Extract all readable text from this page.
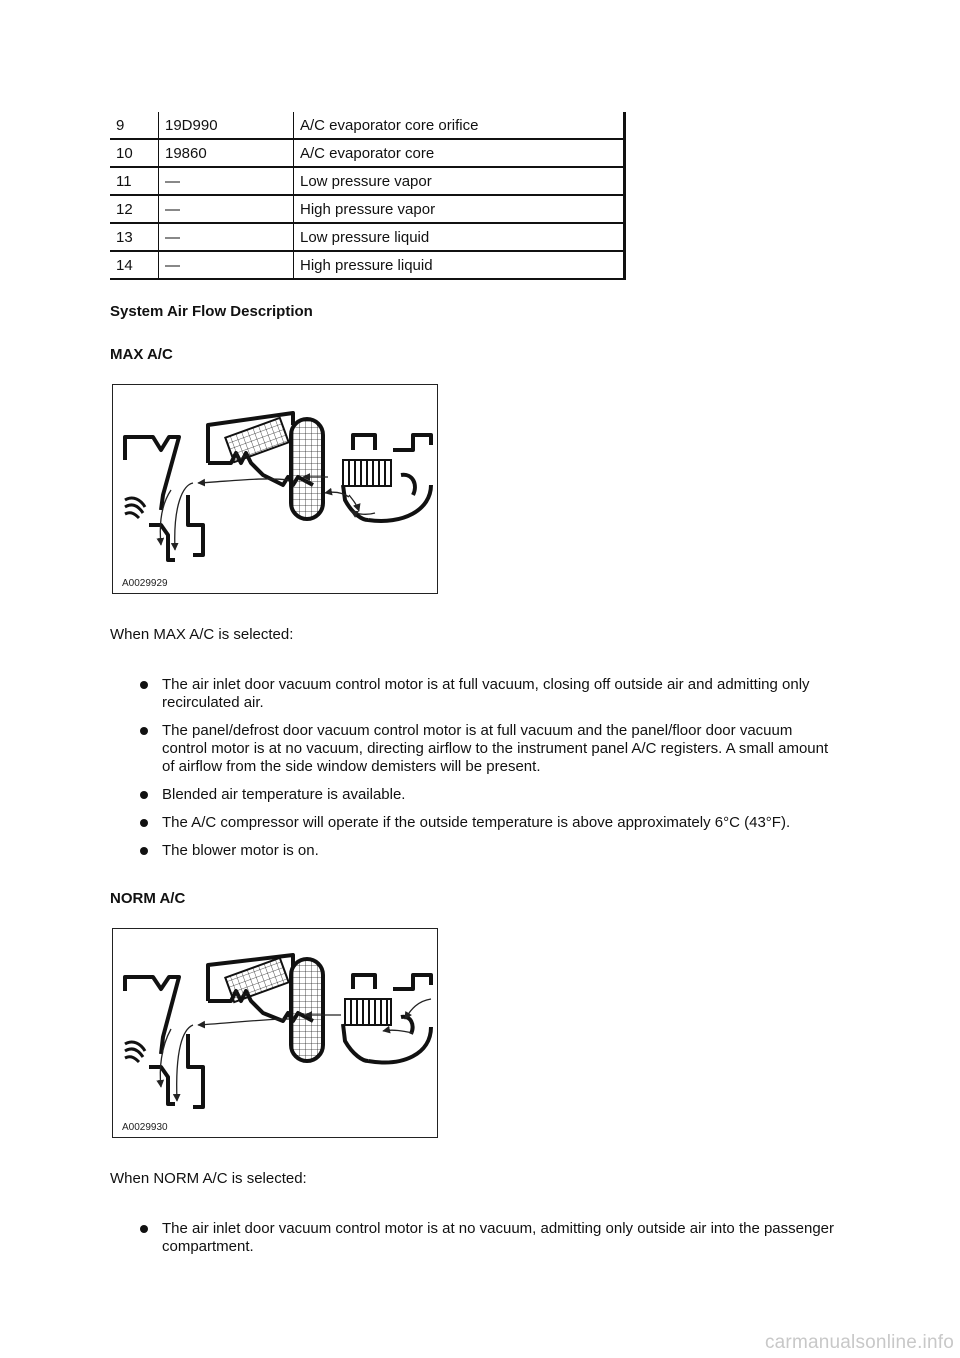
9	19D990	A/C evaporator core orifice
10	19860	A/C evaporator core
11	—	Low pressure vapor
12	—	High pressure vapor
13	—	Low pressure liquid
14	—	High pressure liquid
System Air Flow Description
MAX A/C
A0029929

When MAX A/C is selected:

The air inlet door vacuum control motor is at full vacuum, closing off outside air and admitting only recirculated air.
The panel/defrost door vacuum control motor is at full vacuum and the panel/floor door vacuum control motor is at no vacuum, directing airflow to the instrument panel A/C registers. A small amount of airflow from the side window demisters will be present.
Blended air temperature is available.
The A/C compressor will operate if the outside temperature is above approximately 6°C (43°F).
The blower motor is on.
NORM A/C
A0029930

When NORM A/C is selected:

The air inlet door vacuum control motor is at no vacuum, admitting only outside air into the passenger compartment.
carmanualsonline.info
